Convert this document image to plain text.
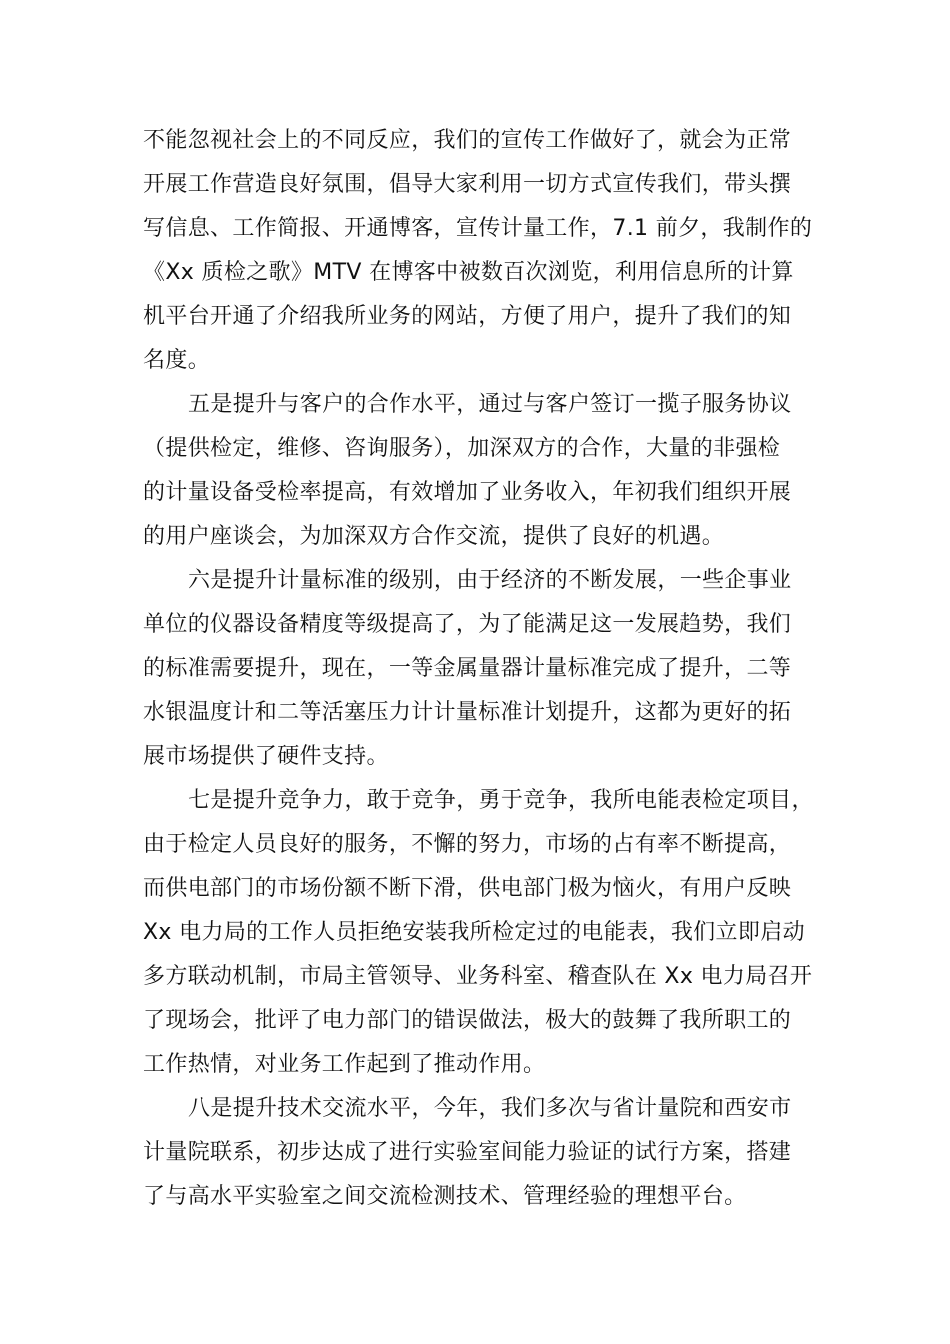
不能忽视社会上的不同反应，我们的宣传工作做好了，就会为正常
开展工作营造良好氛围，倡导大家利用一切方式宣传我们，带头撰
写信息、工作简报、开通博客，宣传计量工作，7.1 前夕，我制作的
《Xx 质检之歌》MTV 在博客中被数百次浏览，利用信息所的计算
机平台开通了介绍我所业务的网站，方便了用户，提升了我们的知
名度。
五是提升与客户的合作水平，通过与客户签订一揽子服务协议
（提供检定，维修、咨询服务），加深双方的合作，大量的非强检
的计量设备受检率提高，有效增加了业务收入，年初我们组织开展
的用户座谈会，为加深双方合作交流，提供了良好的机遇。
六是提升计量标准的级别，由于经济的不断发展，一些企事业
单位的仪器设备精度等级提高了，为了能满足这一发展趋势，我们
的标准需要提升，现在，一等金属量器计量标准完成了提升，二等
水银温度计和二等活塞压力计计量标准计划提升，这都为更好的拓
展市场提供了硬件支持。
七是提升竞争力，敢于竞争，勇于竞争，我所电能表检定项目，
由于检定人员良好的服务，不懈的努力，市场的占有率不断提高，
而供电部门的市场份额不断下滑，供电部门极为恼火，有用户反映
Xx 电力局的工作人员拒绝安装我所检定过的电能表，我们立即启动
多方联动机制，市局主管领导、业务科室、稽查队在 Xx 电力局召开
了现场会，批评了电力部门的错误做法，极大的鼓舞了我所职工的
工作热情，对业务工作起到了推动作用。
八是提升技术交流水平，今年，我们多次与省计量院和西安市
计量院联系，初步达成了进行实验室间能力验证的试行方案，搭建
了与高水平实验室之间交流检测技术、管理经验的理想平台。
